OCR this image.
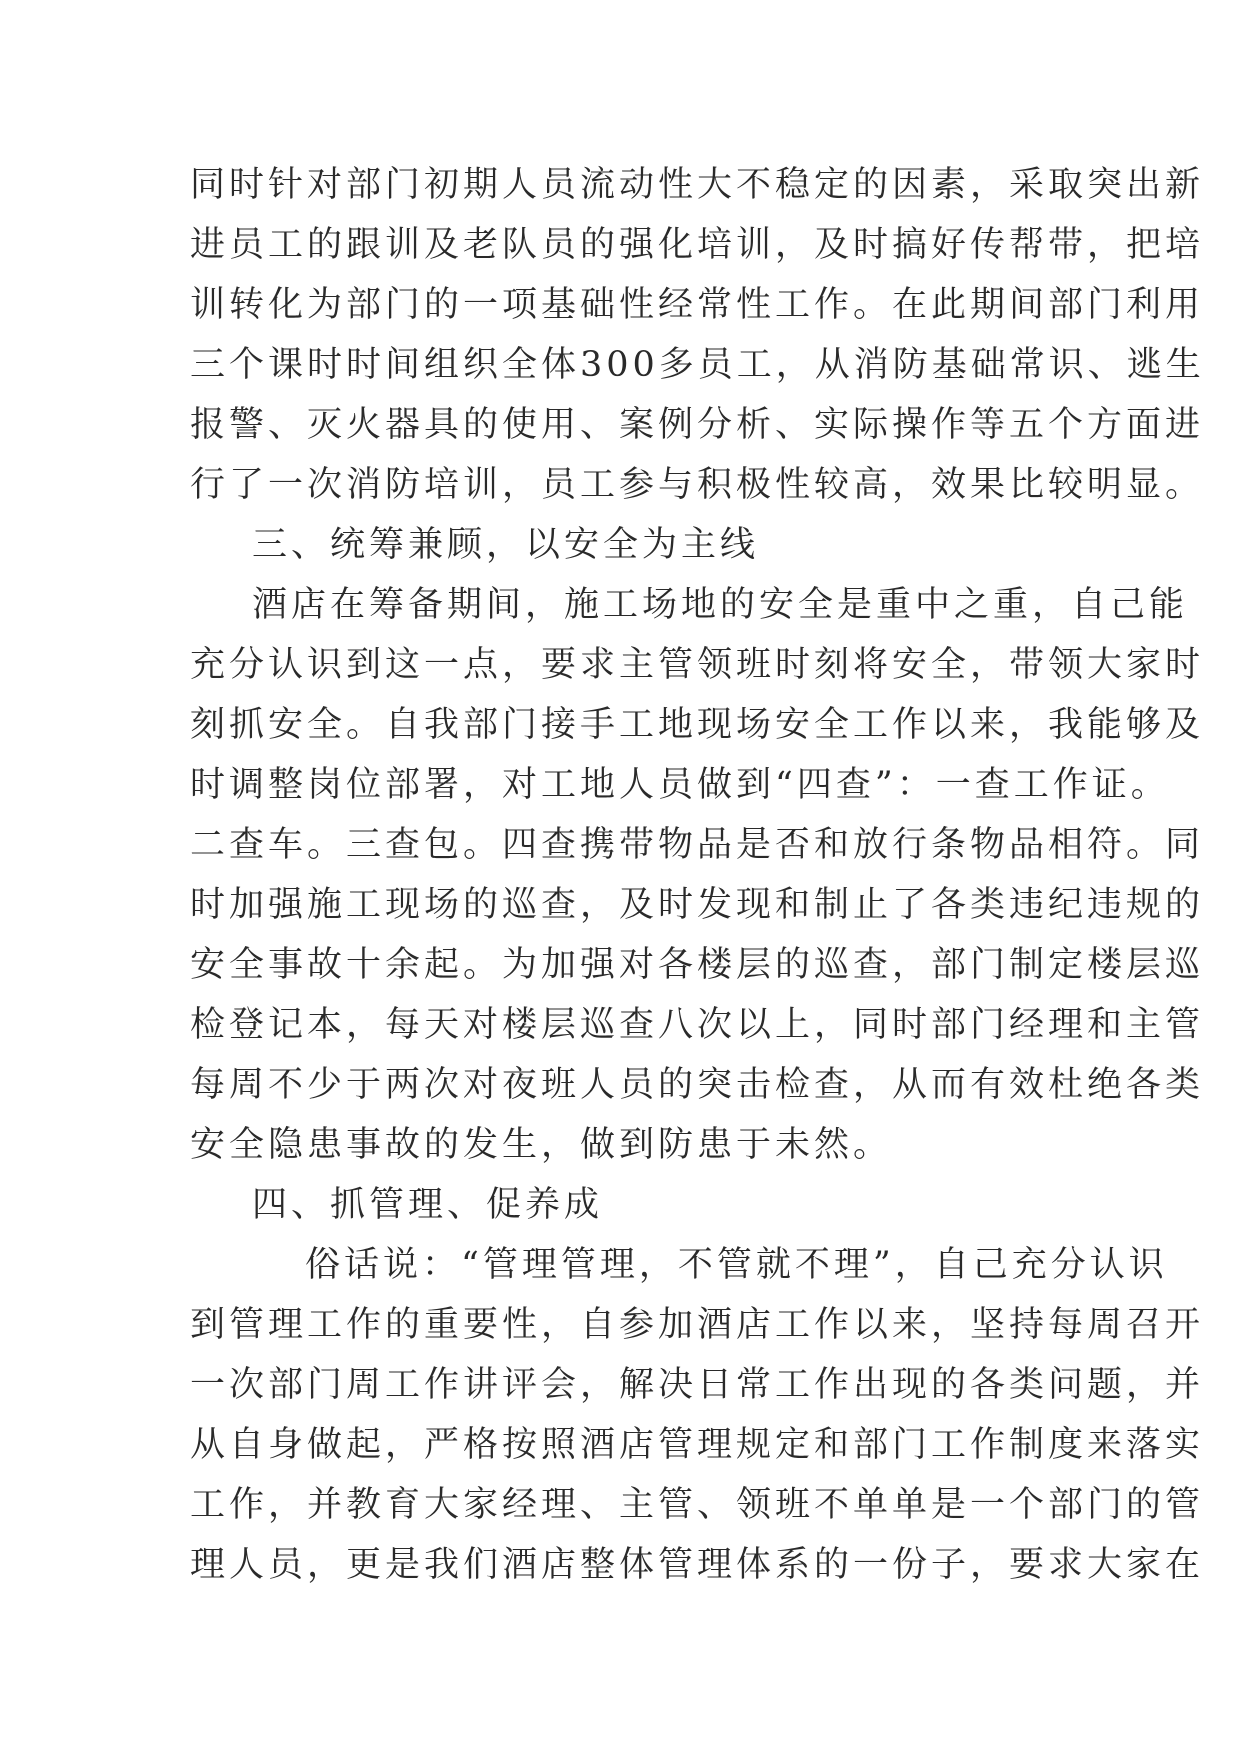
同时针对部门初期人员流动性大不稳定的因素，采取突出新
进员工的跟训及老队员的强化培训，及时搞好传帮带，把培
训转化为部门的一项基础性经常性工作。在此期间部门利用
三个课时时间组织全体300多员工，从消防基础常识、逃生
报警、灭火器具的使用、案例分析、实际操作等五个方面进
行了一次消防培训，员工参与积极性较高，效果比较明显。
三、统筹兼顾，以安全为主线
酒店在筹备期间，施工场地的安全是重中之重，自己能
充分认识到这一点，要求主管领班时刻将安全，带领大家时
刻抓安全。自我部门接手工地现场安全工作以来，我能够及
时调整岗位部署，对工地人员做到“四查”：一查工作证。
二查车。三查包。四查携带物品是否和放行条物品相符。同
时加强施工现场的巡查，及时发现和制止了各类违纪违规的
安全事故十余起。为加强对各楼层的巡查，部门制定楼层巡
检登记本，每天对楼层巡查八次以上，同时部门经理和主管
每周不少于两次对夜班人员的突击检查，从而有效杜绝各类
安全隐患事故的发生，做到防患于未然。
四、抓管理、促养成
俗话说：“管理管理，不管就不理”，自己充分认识
到管理工作的重要性，自参加酒店工作以来，坚持每周召开
一次部门周工作讲评会，解决日常工作出现的各类问题，并
从自身做起，严格按照酒店管理规定和部门工作制度来落实
工作，并教育大家经理、主管、领班不单单是一个部门的管
理人员，更是我们酒店整体管理体系的一份子，要求大家在
